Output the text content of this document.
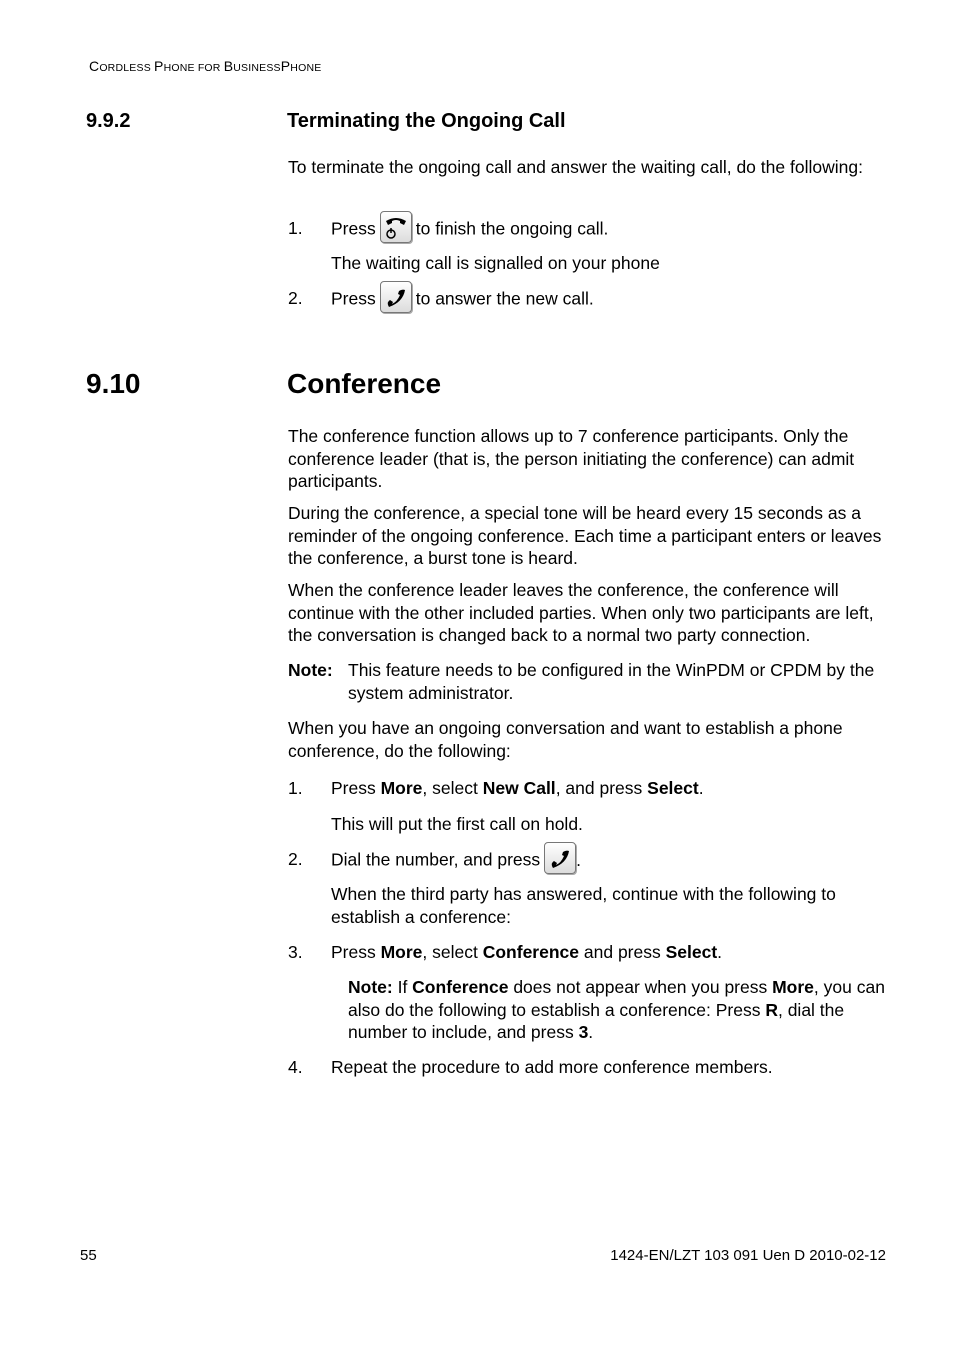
CORDLESS PHONE FOR BUSINESSPHONE
9.9.2	Terminating the Ongoing Call
To terminate the ongoing call and answer the waiting call, do the following:
1. Press to finish the ongoing call.
The waiting call is signalled on your phone
2. Press to answer the new call.
9.10	Conference
The conference function allows up to 7 conference participants. Only the conference leader (that is, the person initiating the conference) can admit participants.
During the conference, a special tone will be heard every 15 seconds as a reminder of the ongoing conference. Each time a participant enters or leaves the conference, a burst tone is heard.
When the conference leader leaves the conference, the conference will continue with the other included parties. When only two participants are left, the conversation is changed back to a normal two party connection.
Note: This feature needs to be configured in the WinPDM or CPDM by the system administrator.
When you have an ongoing conversation and want to establish a phone conference, do the following:
1. Press More, select New Call, and press Select.
This will put the first call on hold.
2. Dial the number, and press .
When the third party has answered, continue with the following to establish a conference:
3. Press More, select Conference and press Select.
Note: If Conference does not appear when you press More, you can also do the following to establish a conference: Press R, dial the number to include, and press 3.
4. Repeat the procedure to add more conference members.
55	1424-EN/LZT 103 091 Uen D 2010-02-12
